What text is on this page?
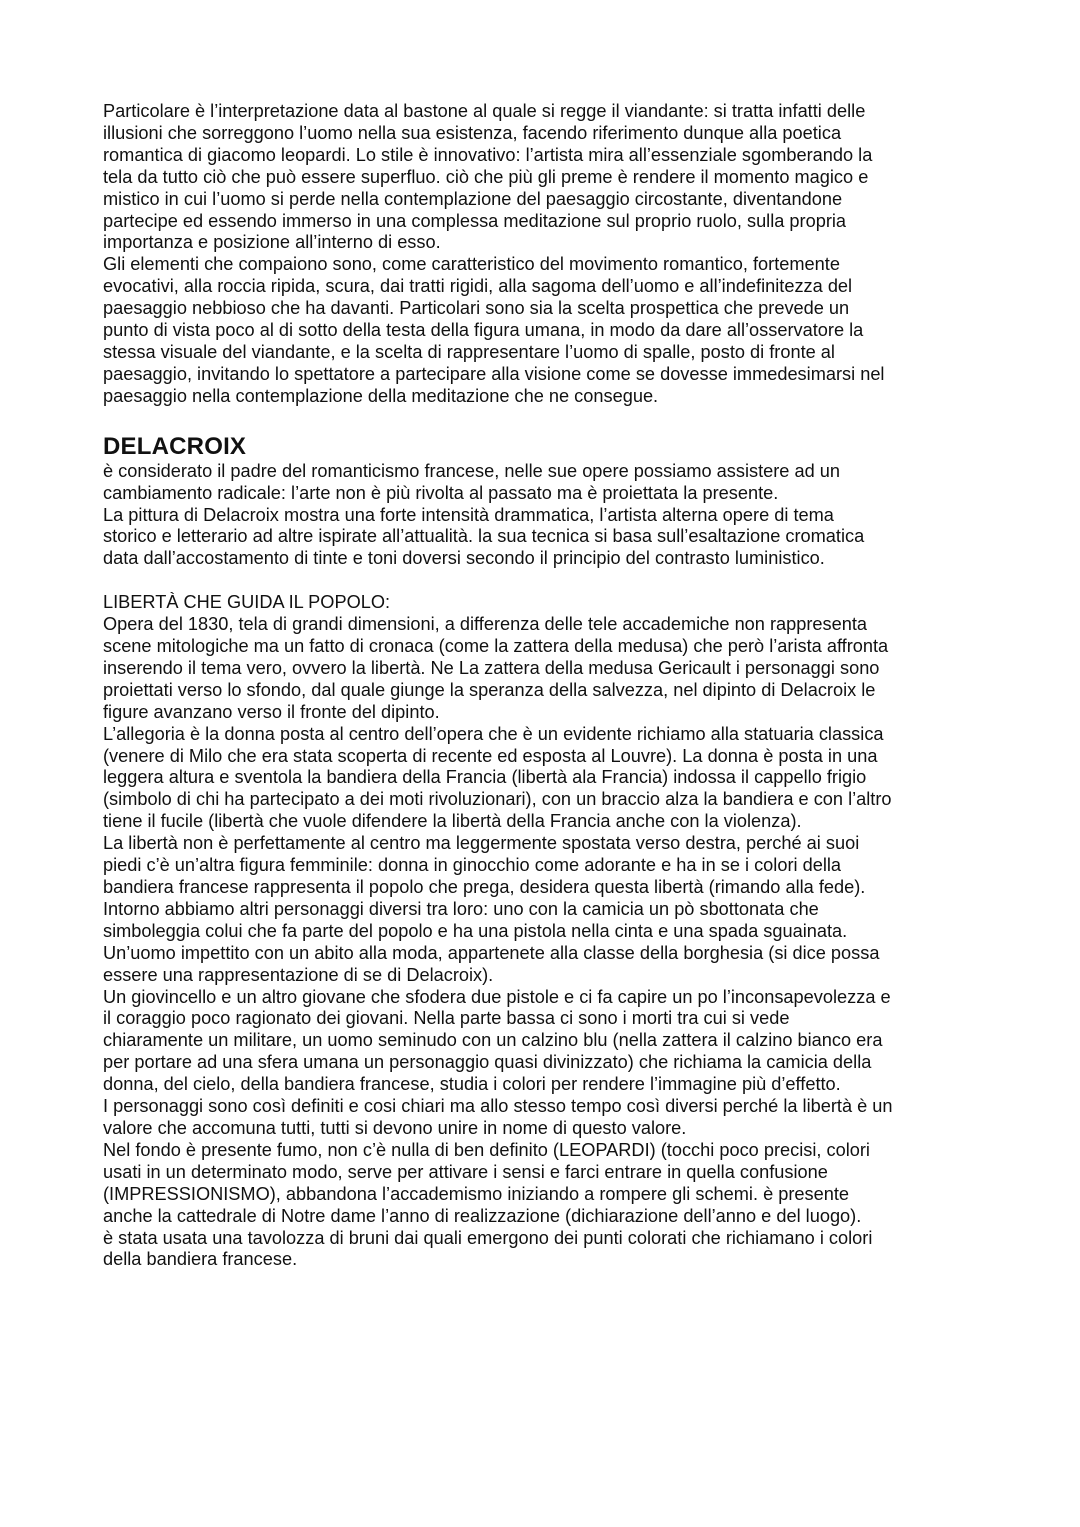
Particolare è l’interpretazione data al bastone al quale si regge il viandante: si tratta infatti delle
illusioni che sorreggono l’uomo nella sua esistenza, facendo riferimento dunque alla poetica
romantica di giacomo leopardi. Lo stile è innovativo: l’artista mira all’essenziale sgomberando la
tela da tutto ciò che può essere superfluo. ciò che più gli preme è rendere il momento magico e
mistico in cui l’uomo si perde nella contemplazione del paesaggio circostante, diventandone
partecipe ed essendo immerso in una complessa meditazione sul proprio ruolo, sulla propria
importanza e posizione all’interno di esso.

Gli elementi che compaiono sono, come caratteristico del movimento romantico, fortemente
evocativi, alla roccia ripida, scura, dai tratti rigidi, alla sagoma dell’uomo e all’indefinitezza del
paesaggio nebbioso che ha davanti. Particolari sono sia la scelta prospettica che prevede un
punto di vista poco al di sotto della testa della figura umana, in modo da dare all’osservatore la
stessa visuale del viandante, e la scelta di rappresentare l’uomo di spalle, posto di fronte al
paesaggio, invitando lo spettatore a partecipare alla visione come se dovesse immedesimarsi nel
paesaggio nella contemplazione della meditazione che ne consegue.

DELACROIX

è considerato il padre del romanticismo francese, nelle sue opere possiamo assistere ad un
cambiamento radicale: l’arte non è più rivolta al passato ma è proiettata la presente.

La pittura di Delacroix mostra una forte intensità drammatica, l’artista alterna opere di tema
storico e letterario ad altre ispirate all’attualità. la sua tecnica si basa sull’esaltazione cromatica
data dall’accostamento di tinte e toni doversi secondo il principio del contrasto luministico.

LIBERTÀ CHE GUIDA IL POPOLO:

Opera del 1830, tela di grandi dimensioni, a differenza delle tele accademiche non rappresenta
scene mitologiche ma un fatto di cronaca (come la zattera della medusa) che però l’arista affronta
inserendo il tema vero, ovvero la libertà. Ne La zattera della medusa Gericault i personaggi sono
proiettati verso lo sfondo, dal quale giunge la speranza della salvezza, nel dipinto di Delacroix le
figure avanzano verso il fronte del dipinto.

L’allegoria è la donna posta al centro dell’opera che è un evidente richiamo alla statuaria classica
(venere di Milo che era stata scoperta di recente ed esposta al Louvre). La donna è posta in una
leggera altura e sventola la bandiera della Francia (libertà ala Francia) indossa il cappello frigio
(simbolo di chi ha partecipato a dei moti rivoluzionari), con un braccio alza la bandiera e con l’altro
tiene il fucile (libertà che vuole difendere la libertà della Francia anche con la violenza).

La libertà non è perfettamente al centro ma leggermente spostata verso destra, perché ai suoi
piedi c’è un’altra figura femminile: donna in ginocchio come adorante e ha in se i colori della
bandiera francese rappresenta il popolo che prega, desidera questa libertà (rimando alla fede).

Intorno abbiamo altri personaggi diversi tra loro: uno con la camicia un pò sbottonata che
simboleggia colui che fa parte del popolo e ha una pistola nella cinta e una spada sguainata.

Un’uomo impettito con un abito alla moda, appartenete alla classe della borghesia (si dice possa
essere una rappresentazione di se di Delacroix).

Un giovincello e un altro giovane che sfodera due pistole e ci fa capire un po l’inconsapevolezza e
il coraggio poco ragionato dei giovani. Nella parte bassa ci sono i morti tra cui si vede
chiaramente un militare, un uomo seminudo con un calzino blu (nella zattera il calzino bianco era
per portare ad una sfera umana un personaggio quasi divinizzato) che richiama la camicia della
donna, del cielo, della bandiera francese, studia i colori per rendere l’immagine più d’effetto.

I personaggi sono così definiti e cosi chiari ma allo stesso tempo così diversi perché la libertà è un
valore che accomuna tutti, tutti si devono unire in nome di questo valore.

Nel fondo è presente fumo, non c’è nulla di ben definito (LEOPARDI) (tocchi poco precisi, colori
usati in un determinato modo, serve per attivare i sensi e farci entrare in quella confusione
(IMPRESSIONISMO), abbandona l’accademismo iniziando a rompere gli schemi. è presente
anche la cattedrale di Notre dame l’anno di realizzazione (dichiarazione dell’anno e del luogo).

è stata usata una tavolozza di bruni dai quali emergono dei punti colorati che richiamano i colori
della bandiera francese.
